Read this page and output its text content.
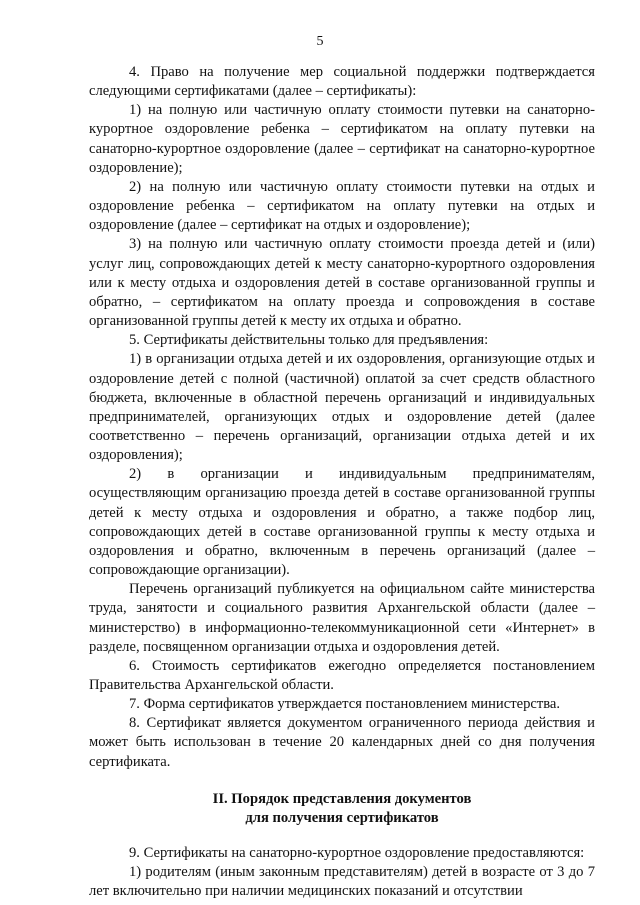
5

4. Право на получение мер социальной поддержки подтверждается следующими сертификатами (далее – сертификаты):

1) на полную или частичную оплату стоимости путевки на санаторно-курортное оздоровление ребенка – сертификатом на оплату путевки на санаторно-курортное оздоровление (далее – сертификат на санаторно-курортное оздоровление);

2) на полную или частичную оплату стоимости путевки на отдых и оздоровление ребенка – сертификатом на оплату путевки на отдых и оздоровление (далее – сертификат на отдых и оздоровление);

3) на полную или частичную оплату стоимости проезда детей и (или) услуг лиц, сопровождающих детей к месту санаторно-курортного оздоровления или к месту отдыха и оздоровления детей в составе организованной группы и обратно, – сертификатом на оплату проезда и сопровождения в составе организованной группы детей к месту их отдыха и обратно.

5. Сертификаты действительны только для предъявления:

1) в организации отдыха детей и их оздоровления, организующие отдых и оздоровление детей с полной (частичной) оплатой за счет средств областного бюджета, включенные в областной перечень организаций и индивидуальных предпринимателей, организующих отдых и оздоровление детей (далее соответственно – перечень организаций, организации отдыха детей и их оздоровления);

2) в организации и индивидуальным предпринимателям, осуществляющим организацию проезда детей в составе организованной группы детей к месту отдыха и оздоровления и обратно, а также подбор лиц, сопровождающих детей в составе организованной группы к месту отдыха и оздоровления и обратно, включенным в перечень организаций (далее – сопровождающие организации).

Перечень организаций публикуется на официальном сайте министерства труда, занятости и социального развития Архангельской области (далее – министерство) в информационно-телекоммуникационной сети «Интернет» в разделе, посвященном организации отдыха и оздоровления детей.

6. Стоимость сертификатов ежегодно определяется постановлением Правительства Архангельской области.

7. Форма сертификатов утверждается постановлением министерства.

8. Сертификат является документом ограниченного периода действия и может быть использован в течение 20 календарных дней со дня получения сертификата.

II. Порядок представления документов
для получения сертификатов

9. Сертификаты на санаторно-курортное оздоровление предоставляются:

1) родителям (иным законным представителям) детей в возрасте от 3 до 7 лет включительно при наличии медицинских показаний и отсутствии
